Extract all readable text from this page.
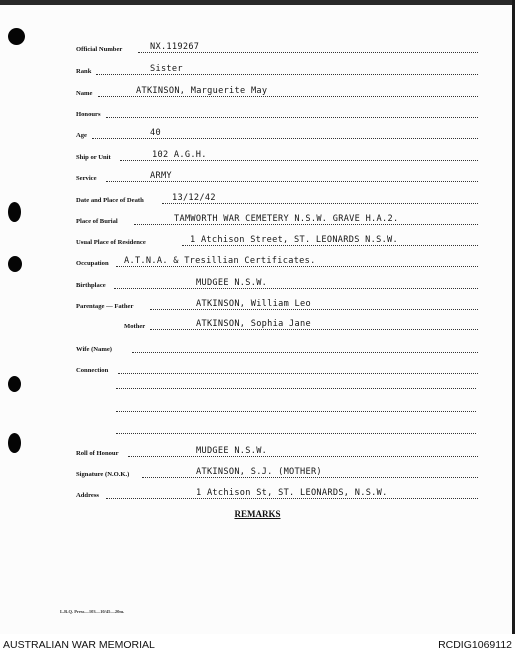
Official Number	NX.119267
Rank	Sister
Name	ATKINSON, Marguerite May
Honours
Age	40
Ship or Unit	102 A.G.H.
Service	ARMY
Date and Place of Death	13/12/42
Place of Burial	TAMWORTH WAR CEMETERY N.S.W. GRAVE H.A.2.
Usual Place of Residence	1 Atchison Street, ST. LEONARDS N.S.W.
Occupation A.T.N.A. & Tresillian Certificates.
Birthplace	MUDGEE N.S.W.
Parentage — Father	ATKINSON, William Leo
Mother	ATKINSON, Sophia Jane
Wife (Name)
Connection
Roll of Honour	MUDGEE N.S.W.
Signature (N.O.K.)	ATKINSON, S.J. (MOTHER)
Address	1 Atchison St, ST. LEONARDS, N.S.W.
REMARKS
L.R.Q. Press—103—10/45—20m.
AUSTRALIAN WAR MEMORIAL	RCDIG1069112
